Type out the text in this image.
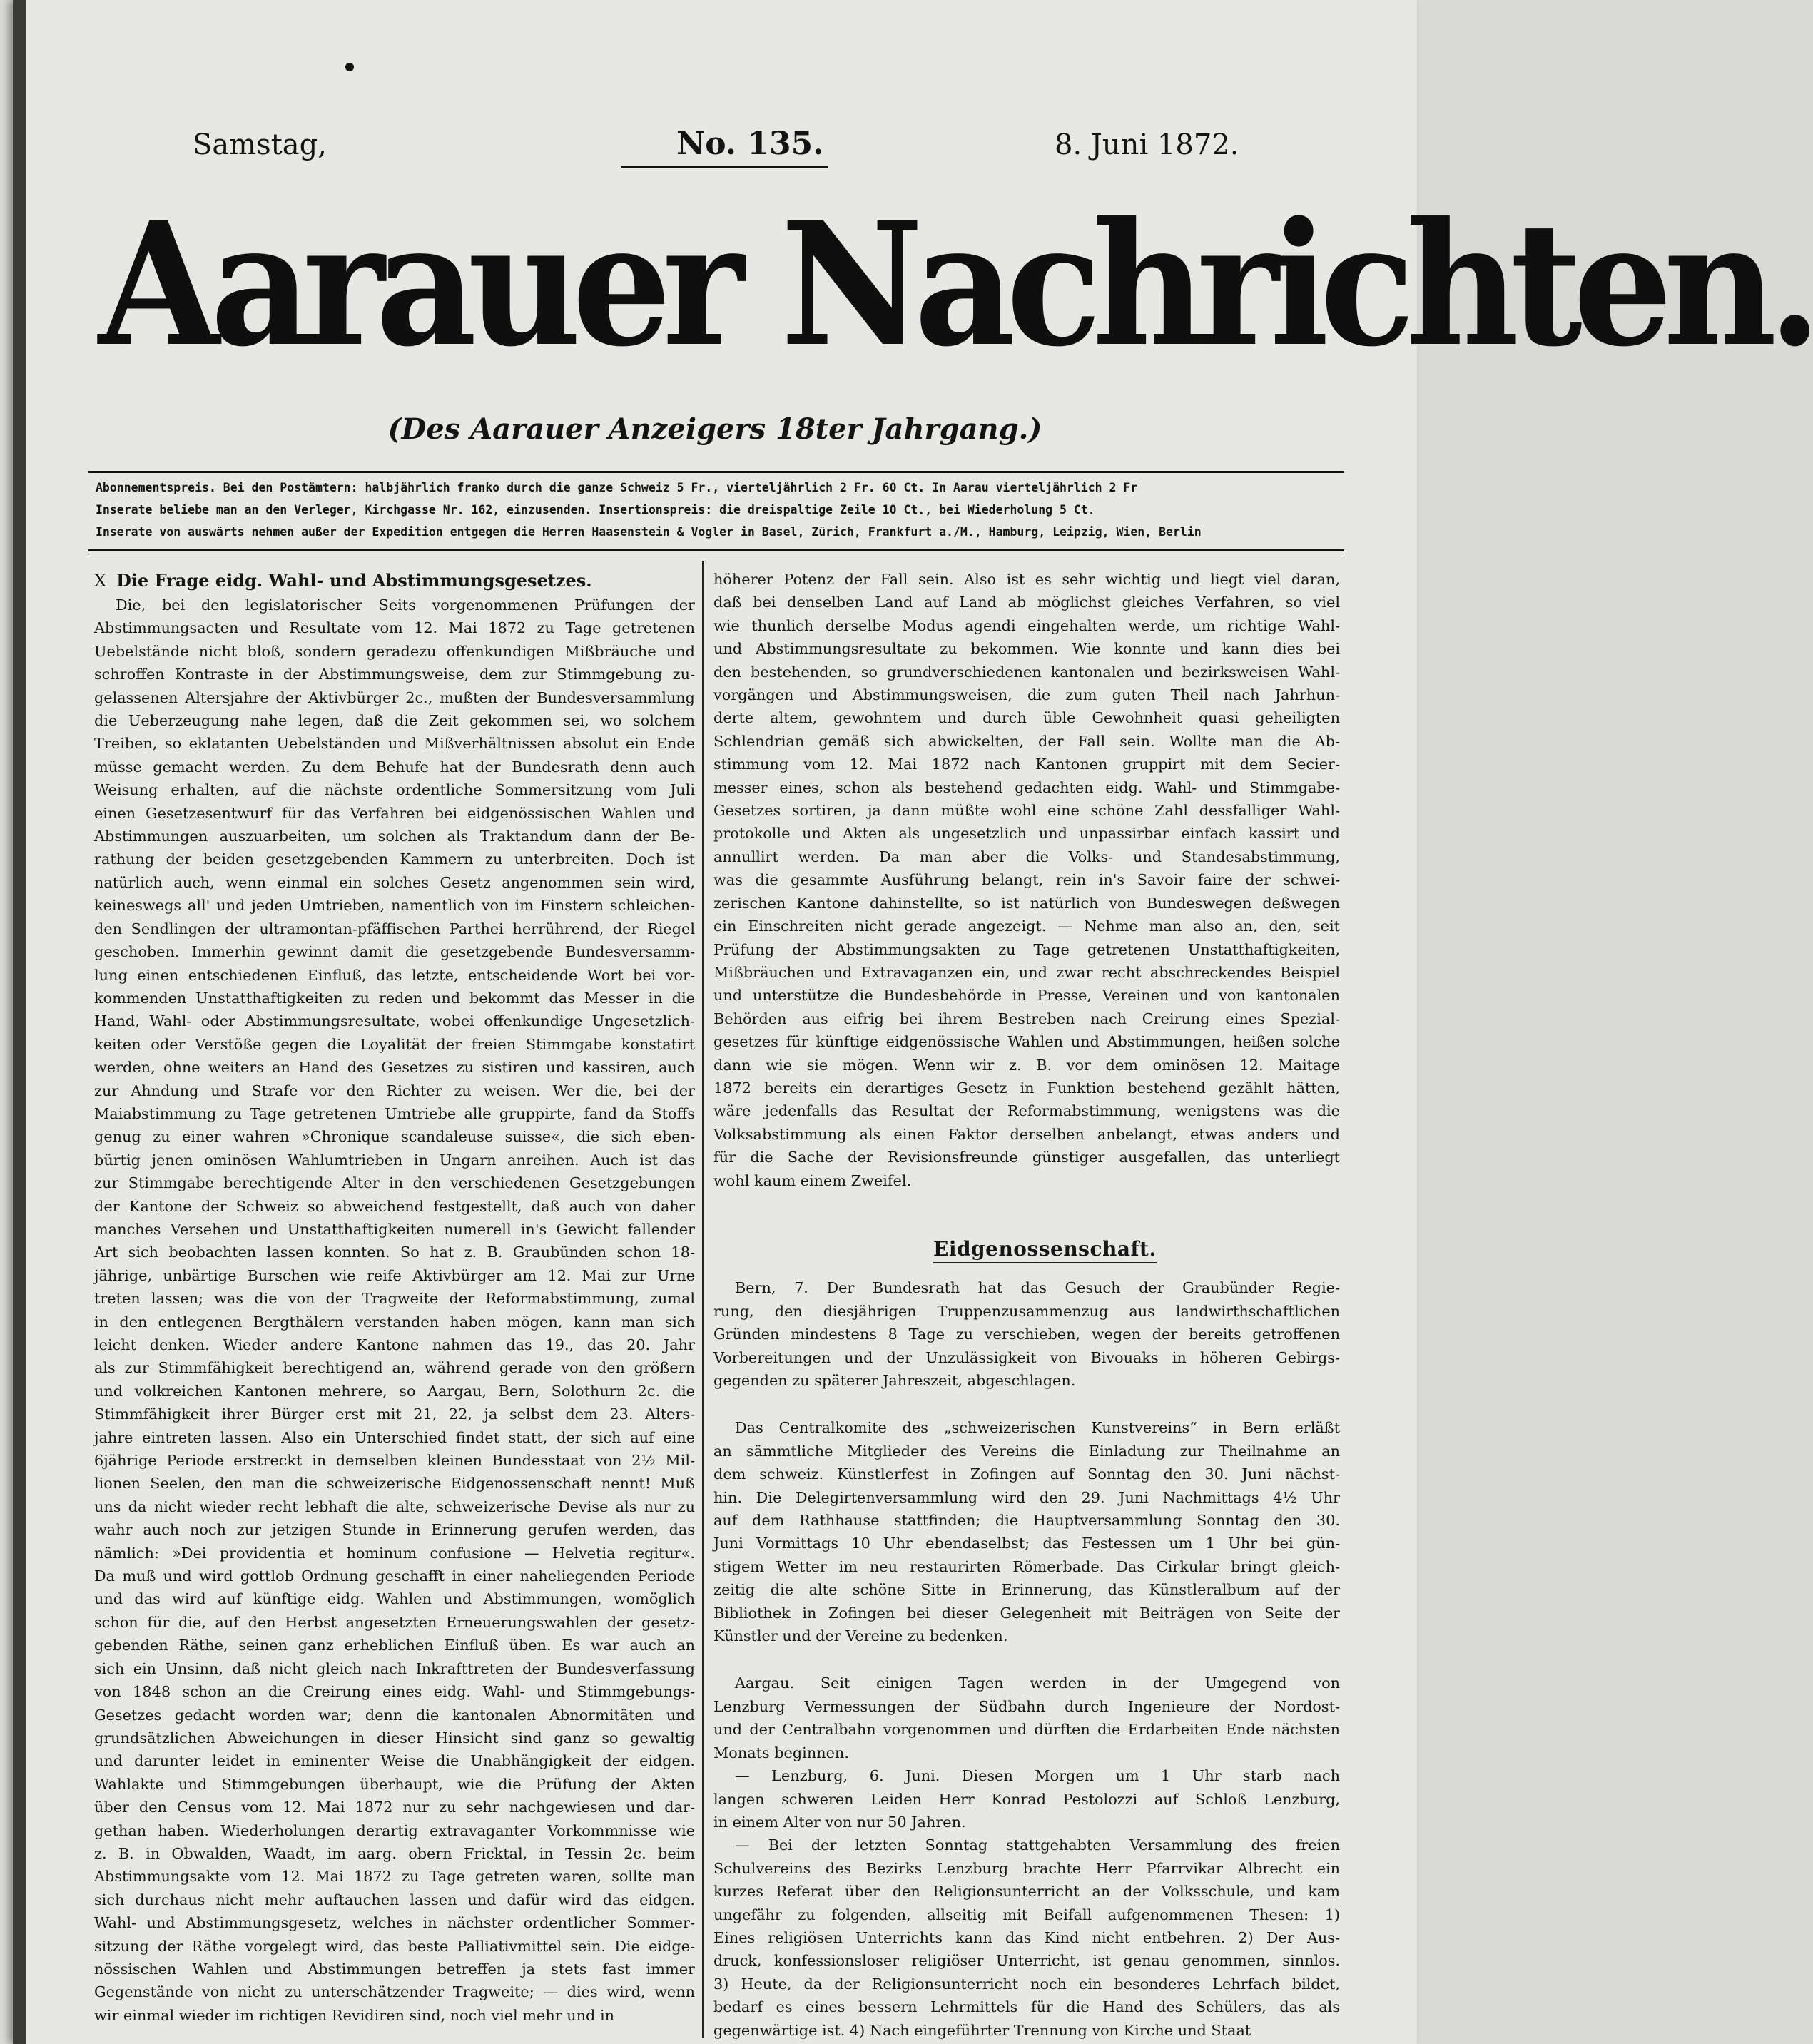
Samstag,	No. 135.	8. Juni 1872.
Aarauer Nachrichten.
(Des Aarauer Anzeigers 18ter Jahrgang.)
Abonnementspreis. Bei den Postämtern: halbjährlich franko durch die ganze Schweiz 5 Fr., vierteljährlich 2 Fr. 60 Ct. In Aarau vierteljährlich 2 Fr
Inserate beliebe man an den Verleger, Kirchgasse Nr. 162, einzusenden. Insertionspreis: die dreispaltige Zeile 10 Ct., bei Wiederholung 5 Ct.
Inserate von auswärts nehmen außer der Expedition entgegen die Herren Haasenstein & Vogler in Basel, Zürich, Frankfurt a./M., Hamburg, Leipzig, Wien, Berlin
X Die Frage eidg. Wahl- und Abstimmungsgesetzes.
Die, bei den legislatorischer Seits vorgenommenen Prüfungen der
Abstimmungsacten und Resultate vom 12. Mai 1872 zu Tage getretenen
Uebelstände nicht bloß, sondern geradezu offenkundigen Mißbräuche und
schroffen Kontraste in der Abstimmungsweise, dem zur Stimmgebung zu-
gelassenen Altersjahre der Aktivbürger 2c., mußten der Bundesversammlung
die Ueberzeugung nahe legen, daß die Zeit gekommen sei, wo solchem
Treiben, so eklatanten Uebelständen und Mißverhältnissen absolut ein Ende
müsse gemacht werden. Zu dem Behufe hat der Bundesrath denn auch
Weisung erhalten, auf die nächste ordentliche Sommersitzung vom Juli
einen Gesetzesentwurf für das Verfahren bei eidgenössischen Wahlen und
Abstimmungen auszuarbeiten, um solchen als Traktandum dann der Be-
rathung der beiden gesetzgebenden Kammern zu unterbreiten. Doch ist
natürlich auch, wenn einmal ein solches Gesetz angenommen sein wird,
keineswegs all' und jeden Umtrieben, namentlich von im Finstern schleichen-
den Sendlingen der ultramontan-pfäffischen Parthei herrührend, der Riegel
geschoben. Immerhin gewinnt damit die gesetzgebende Bundesversamm-
lung einen entschiedenen Einfluß, das letzte, entscheidende Wort bei vor-
kommenden Unstatthaftigkeiten zu reden und bekommt das Messer in die
Hand, Wahl- oder Abstimmungsresultate, wobei offenkundige Ungesetzlich-
keiten oder Verstöße gegen die Loyalität der freien Stimmgabe konstatirt
werden, ohne weiters an Hand des Gesetzes zu sistiren und kassiren, auch
zur Ahndung und Strafe vor den Richter zu weisen. Wer die, bei der
Maiabstimmung zu Tage getretenen Umtriebe alle gruppirte, fand da Stoffs
genug zu einer wahren »Chronique scandaleuse suisse«, die sich eben-
bürtig jenen ominösen Wahlumtrieben in Ungarn anreihen. Auch ist das
zur Stimmgabe berechtigende Alter in den verschiedenen Gesetzgebungen
der Kantone der Schweiz so abweichend festgestellt, daß auch von daher
manches Versehen und Unstatthaftigkeiten numerell in's Gewicht fallender
Art sich beobachten lassen konnten. So hat z. B. Graubünden schon 18-
jährige, unbärtige Burschen wie reife Aktivbürger am 12. Mai zur Urne
treten lassen; was die von der Tragweite der Reformabstimmung, zumal
in den entlegenen Bergthälern verstanden haben mögen, kann man sich
leicht denken. Wieder andere Kantone nahmen das 19., das 20. Jahr
als zur Stimmfähigkeit berechtigend an, während gerade von den größern
und volkreichen Kantonen mehrere, so Aargau, Bern, Solothurn 2c. die
Stimmfähigkeit ihrer Bürger erst mit 21, 22, ja selbst dem 23. Alters-
jahre eintreten lassen. Also ein Unterschied findet statt, der sich auf eine
6jährige Periode erstreckt in demselben kleinen Bundesstaat von 2½ Mil-
lionen Seelen, den man die schweizerische Eidgenossenschaft nennt! Muß
uns da nicht wieder recht lebhaft die alte, schweizerische Devise als nur zu
wahr auch noch zur jetzigen Stunde in Erinnerung gerufen werden, das
nämlich: »Dei providentia et hominum confusione — Helvetia regitur«.
Da muß und wird gottlob Ordnung geschafft in einer naheliegenden Periode
und das wird auf künftige eidg. Wahlen und Abstimmungen, womöglich
schon für die, auf den Herbst angesetzten Erneuerungswahlen der gesetz-
gebenden Räthe, seinen ganz erheblichen Einfluß üben. Es war auch an
sich ein Unsinn, daß nicht gleich nach Inkrafttreten der Bundesverfassung
von 1848 schon an die Creirung eines eidg. Wahl- und Stimmgebungs-
Gesetzes gedacht worden war; denn die kantonalen Abnormitäten und
grundsätzlichen Abweichungen in dieser Hinsicht sind ganz so gewaltig
und darunter leidet in eminenter Weise die Unabhängigkeit der eidgen.
Wahlakte und Stimmgebungen überhaupt, wie die Prüfung der Akten
über den Census vom 12. Mai 1872 nur zu sehr nachgewiesen und dar-
gethan haben. Wiederholungen derartig extravaganter Vorkommnisse wie
z. B. in Obwalden, Waadt, im aarg. obern Fricktal, in Tessin 2c. beim
Abstimmungsakte vom 12. Mai 1872 zu Tage getreten waren, sollte man
sich durchaus nicht mehr auftauchen lassen und dafür wird das eidgen.
Wahl- und Abstimmungsgesetz, welches in nächster ordentlicher Sommer-
sitzung der Räthe vorgelegt wird, das beste Palliativmittel sein. Die eidge-
nössischen Wahlen und Abstimmungen betreffen ja stets fast immer
Gegenstände von nicht zu unterschätzender Tragweite; — dies wird, wenn
wir einmal wieder im richtigen Revidiren sind, noch viel mehr und in
höherer Potenz der Fall sein. Also ist es sehr wichtig und liegt viel daran,
daß bei denselben Land auf Land ab möglichst gleiches Verfahren, so viel
wie thunlich derselbe Modus agendi eingehalten werde, um richtige Wahl-
und Abstimmungsresultate zu bekommen. Wie konnte und kann dies bei
den bestehenden, so grundverschiedenen kantonalen und bezirksweisen Wahl-
vorgängen und Abstimmungsweisen, die zum guten Theil nach Jahrhun-
derte altem, gewohntem und durch üble Gewohnheit quasi geheiligten
Schlendrian gemäß sich abwickelten, der Fall sein. Wollte man die Ab-
stimmung vom 12. Mai 1872 nach Kantonen gruppirt mit dem Secier-
messer eines, schon als bestehend gedachten eidg. Wahl- und Stimmgabe-
Gesetzes sortiren, ja dann müßte wohl eine schöne Zahl dessfalliger Wahl-
protokolle und Akten als ungesetzlich und unpassirbar einfach kassirt und
annullirt werden. Da man aber die Volks- und Standesabstimmung,
was die gesammte Ausführung belangt, rein in's Savoir faire der schwei-
zerischen Kantone dahinstellte, so ist natürlich von Bundeswegen deßwegen
ein Einschreiten nicht gerade angezeigt. — Nehme man also an, den, seit
Prüfung der Abstimmungsakten zu Tage getretenen Unstatthaftigkeiten,
Mißbräuchen und Extravaganzen ein, und zwar recht abschreckendes Beispiel
und unterstütze die Bundesbehörde in Presse, Vereinen und von kantonalen
Behörden aus eifrig bei ihrem Bestreben nach Creirung eines Spezial-
gesetzes für künftige eidgenössische Wahlen und Abstimmungen, heißen solche
dann wie sie mögen. Wenn wir z. B. vor dem ominösen 12. Maitage
1872 bereits ein derartiges Gesetz in Funktion bestehend gezählt hätten,
wäre jedenfalls das Resultat der Reformabstimmung, wenigstens was die
Volksabstimmung als einen Faktor derselben anbelangt, etwas anders und
für die Sache der Revisionsfreunde günstiger ausgefallen, das unterliegt
wohl kaum einem Zweifel.
Eidgenossenschaft.
Bern, 7. Der Bundesrath hat das Gesuch der Graubünder Regie-
rung, den diesjährigen Truppenzusammenzug aus landwirthschaftlichen
Gründen mindestens 8 Tage zu verschieben, wegen der bereits getroffenen
Vorbereitungen und der Unzulässigkeit von Bivouaks in höheren Gebirgs-
gegenden zu späterer Jahreszeit, abgeschlagen.
Das Centralkomite des „schweizerischen Kunstvereins“ in Bern erläßt
an sämmtliche Mitglieder des Vereins die Einladung zur Theilnahme an
dem schweiz. Künstlerfest in Zofingen auf Sonntag den 30. Juni nächst-
hin. Die Delegirtenversammlung wird den 29. Juni Nachmittags 4½ Uhr
auf dem Rathhause stattfinden; die Hauptversammlung Sonntag den 30.
Juni Vormittags 10 Uhr ebendaselbst; das Festessen um 1 Uhr bei gün-
stigem Wetter im neu restaurirten Römerbade. Das Cirkular bringt gleich-
zeitig die alte schöne Sitte in Erinnerung, das Künstleralbum auf der
Bibliothek in Zofingen bei dieser Gelegenheit mit Beiträgen von Seite der
Künstler und der Vereine zu bedenken.
Aargau. Seit einigen Tagen werden in der Umgegend von
Lenzburg Vermessungen der Südbahn durch Ingenieure der Nordost-
und der Centralbahn vorgenommen und dürften die Erdarbeiten Ende nächsten
Monats beginnen.
— Lenzburg, 6. Juni. Diesen Morgen um 1 Uhr starb nach
langen schweren Leiden Herr Konrad Pestolozzi auf Schloß Lenzburg,
in einem Alter von nur 50 Jahren.
— Bei der letzten Sonntag stattgehabten Versammlung des freien
Schulvereins des Bezirks Lenzburg brachte Herr Pfarrvikar Albrecht ein
kurzes Referat über den Religionsunterricht an der Volksschule, und kam
ungefähr zu folgenden, allseitig mit Beifall aufgenommenen Thesen: 1)
Eines religiösen Unterrichts kann das Kind nicht entbehren. 2) Der Aus-
druck, konfessionsloser religiöser Unterricht, ist genau genommen, sinnlos.
3) Heute, da der Religionsunterricht noch ein besonderes Lehrfach bildet,
bedarf es eines bessern Lehrmittels für die Hand des Schülers, das als
gegenwärtige ist. 4) Nach eingeführter Trennung von Kirche und Staat
